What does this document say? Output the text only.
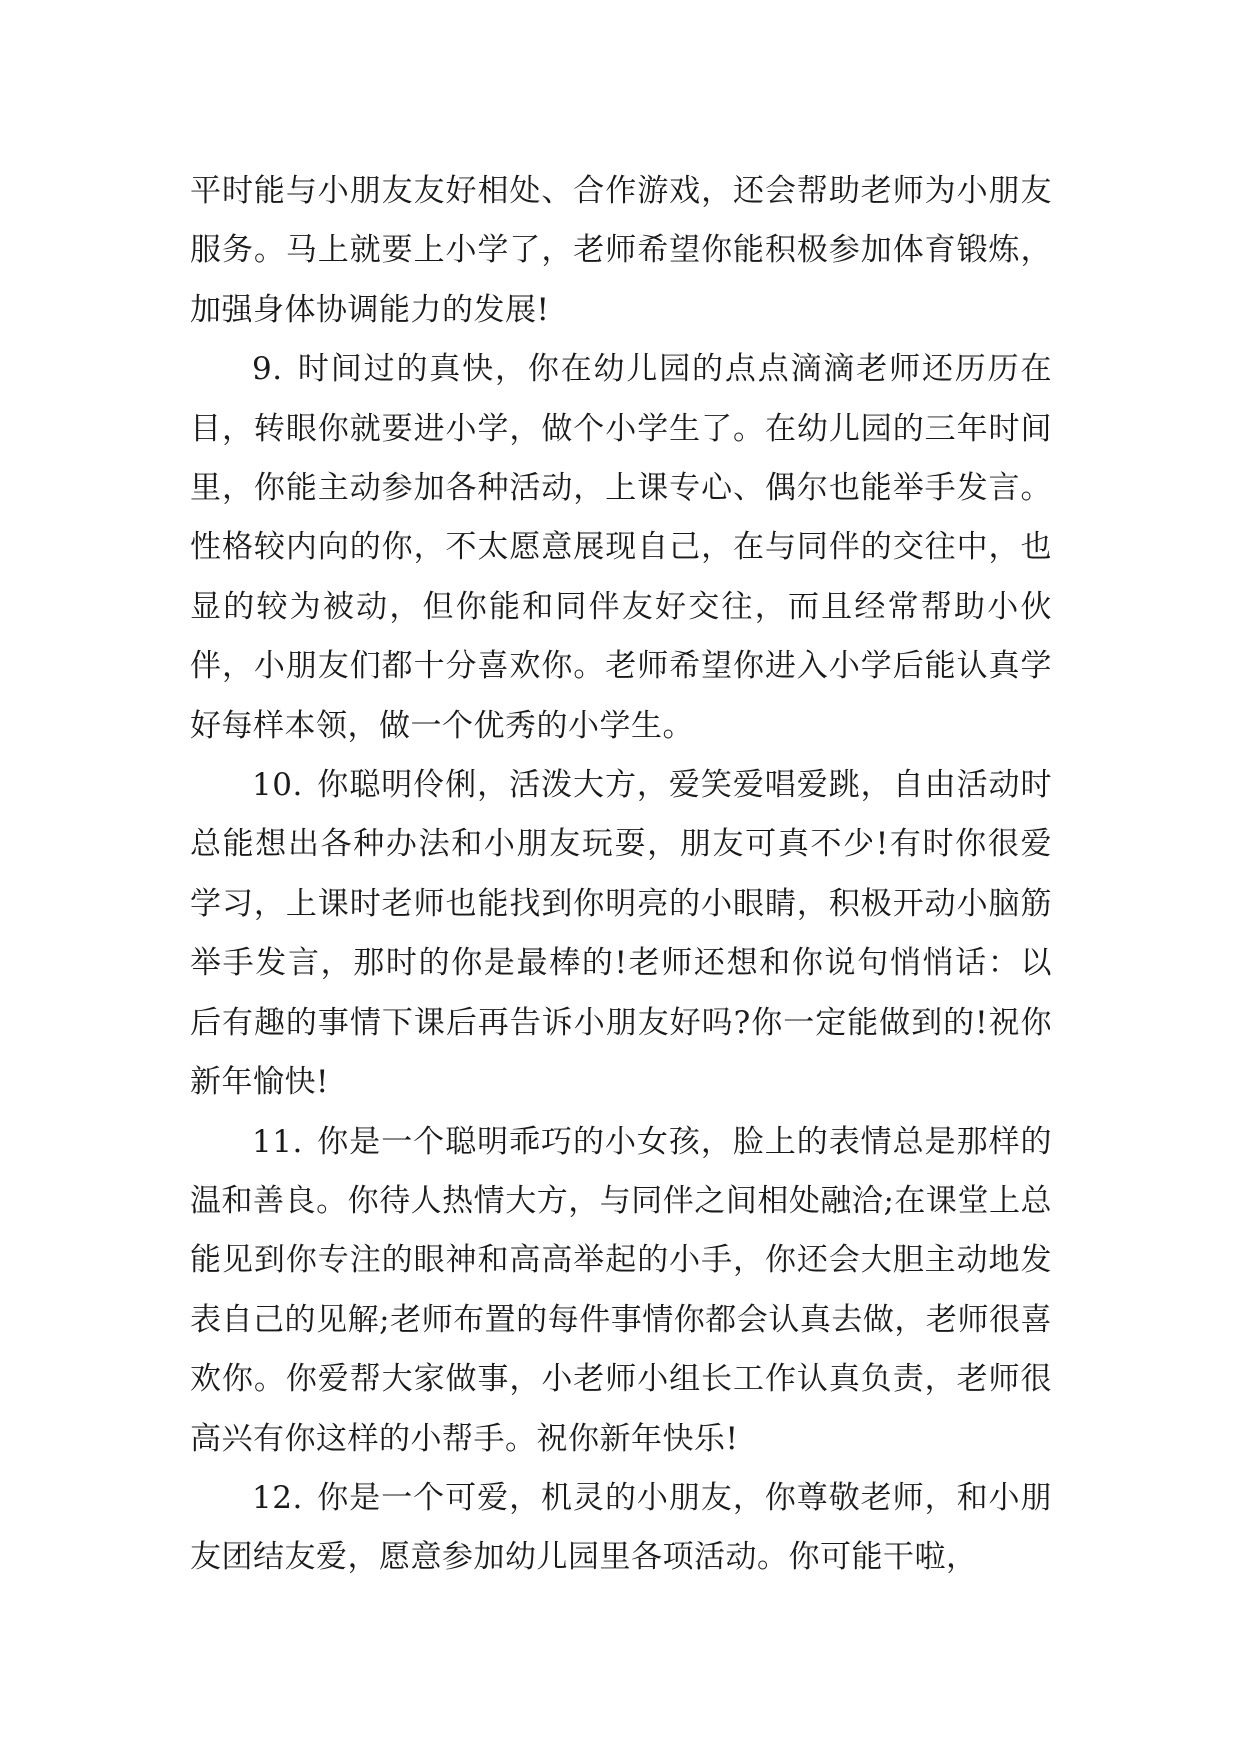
平时能与小朋友友好相处、合作游戏，还会帮助老师为小朋友服务。马上就要上小学了，老师希望你能积极参加体育锻炼，加强身体协调能力的发展!

9. 时间过的真快，你在幼儿园的点点滴滴老师还历历在目，转眼你就要进小学，做个小学生了。在幼儿园的三年时间里，你能主动参加各种活动，上课专心、偶尔也能举手发言。性格较内向的你，不太愿意展现自己，在与同伴的交往中，也显的较为被动，但你能和同伴友好交往，而且经常帮助小伙伴，小朋友们都十分喜欢你。老师希望你进入小学后能认真学好每样本领，做一个优秀的小学生。

10. 你聪明伶俐，活泼大方，爱笑爱唱爱跳，自由活动时总能想出各种办法和小朋友玩耍，朋友可真不少!有时你很爱学习，上课时老师也能找到你明亮的小眼睛，积极开动小脑筋举手发言，那时的你是最棒的!老师还想和你说句悄悄话：以后有趣的事情下课后再告诉小朋友好吗?你一定能做到的!祝你新年愉快!

11. 你是一个聪明乖巧的小女孩，脸上的表情总是那样的温和善良。你待人热情大方，与同伴之间相处融洽;在课堂上总能见到你专注的眼神和高高举起的小手，你还会大胆主动地发表自己的见解;老师布置的每件事情你都会认真去做，老师很喜欢你。你爱帮大家做事，小老师小组长工作认真负责，老师很高兴有你这样的小帮手。祝你新年快乐!

12. 你是一个可爱，机灵的小朋友，你尊敬老师，和小朋友团结友爱，愿意参加幼儿园里各项活动。你可能干啦，
